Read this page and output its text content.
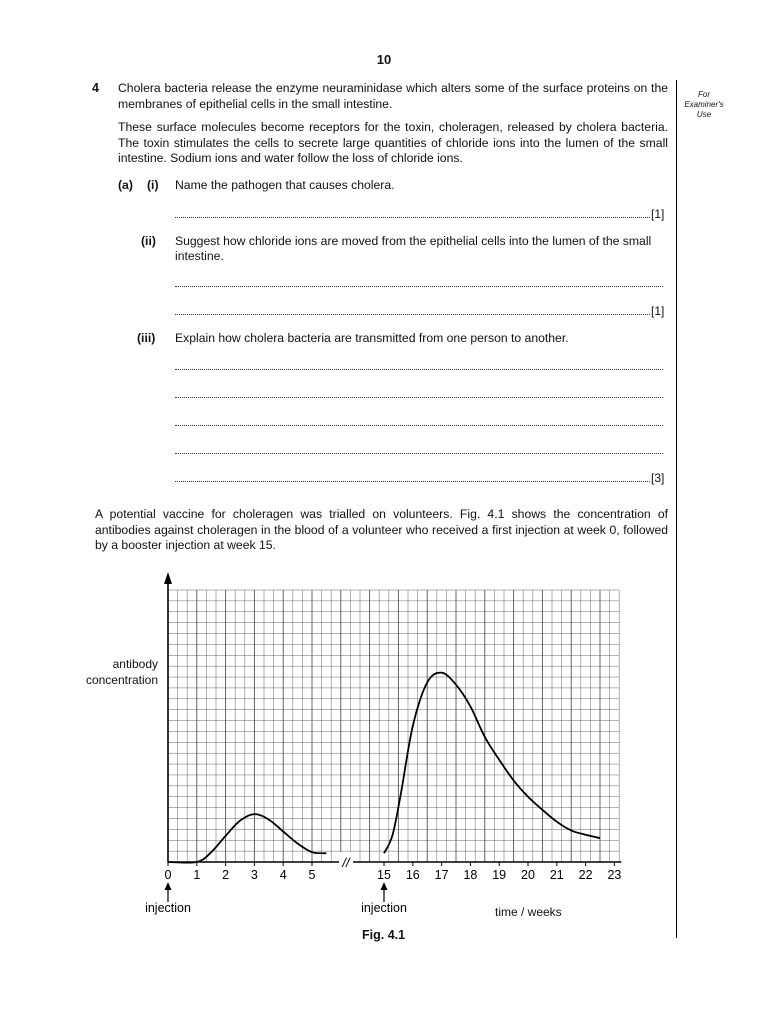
10
For Examiner's Use
4 Cholera bacteria release the enzyme neuraminidase which alters some of the surface proteins on the membranes of epithelial cells in the small intestine.
These surface molecules become receptors for the toxin, choleragen, released by cholera bacteria. The toxin stimulates the cells to secrete large quantities of chloride ions into the lumen of the small intestine. Sodium ions and water follow the loss of chloride ions.
(a) (i) Name the pathogen that causes cholera.
[1]
(ii) Suggest how chloride ions are moved from the epithelial cells into the lumen of the small intestine.
[1]
(iii) Explain how cholera bacteria are transmitted from one person to another.
[3]
A potential vaccine for choleragen was trialled on volunteers. Fig. 4.1 shows the concentration of antibodies against choleragen in the blood of a volunteer who received a first injection at week 0, followed by a booster injection at week 15.
//
0 1 2 3 4 5	15 16 17 18 19 20 21 22 23
injection	injection
antibody concentration
time / weeks
Fig. 4.1
